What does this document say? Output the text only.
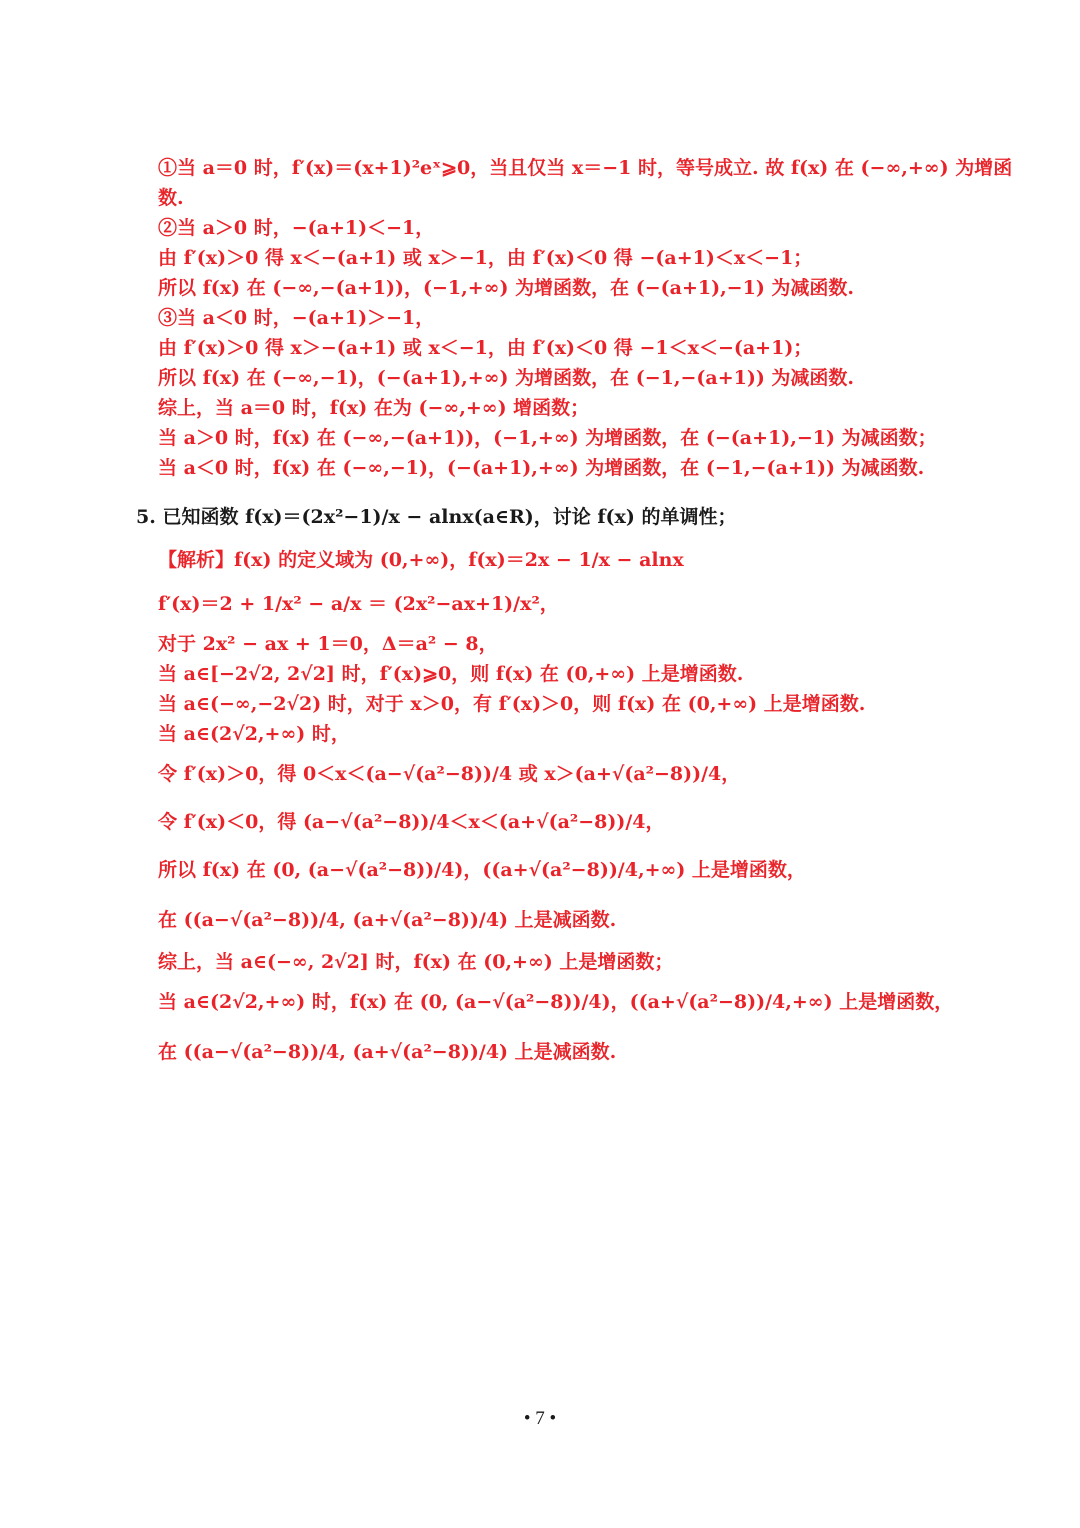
①当 a＝0 时，f′(x)＝(x+1)²eˣ⩾0，当且仅当 x＝−1 时，等号成立. 故 f(x) 在 (−∞,+∞) 为增函
数.
②当 a＞0 时，−(a+1)＜−1，
由 f′(x)＞0 得 x＜−(a+1) 或 x＞−1，由 f′(x)＜0 得 −(a+1)＜x＜−1；
所以 f(x) 在 (−∞,−(a+1))，(−1,+∞) 为增函数，在 (−(a+1),−1) 为减函数.
③当 a＜0 时，−(a+1)＞−1，
由 f′(x)＞0 得 x＞−(a+1) 或 x＜−1，由 f′(x)＜0 得 −1＜x＜−(a+1)；
所以 f(x) 在 (−∞,−1)，(−(a+1),+∞) 为增函数，在 (−1,−(a+1)) 为减函数.
综上，当 a＝0 时，f(x) 在为 (−∞,+∞) 增函数；
当 a＞0 时，f(x) 在 (−∞,−(a+1))，(−1,+∞) 为增函数，在 (−(a+1),−1) 为减函数；
当 a＜0 时，f(x) 在 (−∞,−1)，(−(a+1),+∞) 为增函数，在 (−1,−(a+1)) 为减函数.
5. 已知函数 f(x)＝(2x²−1)/x − alnx(a∈R)，讨论 f(x) 的单调性；
【解析】f(x) 的定义域为 (0,+∞)，f(x)＝2x − 1/x − alnx
f′(x)＝2 + 1/x² − a/x ＝ (2x²−ax+1)/x²，
对于 2x² − ax + 1＝0，Δ＝a² − 8，
当 a∈[−2√2, 2√2] 时，f′(x)⩾0，则 f(x) 在 (0,+∞) 上是增函数.
当 a∈(−∞,−2√2) 时，对于 x＞0，有 f′(x)＞0，则 f(x) 在 (0,+∞) 上是增函数.
当 a∈(2√2,+∞) 时，
令 f′(x)＞0，得 0＜x＜(a−√(a²−8))/4 或 x＞(a+√(a²−8))/4，
令 f′(x)＜0，得 (a−√(a²−8))/4＜x＜(a+√(a²−8))/4，
所以 f(x) 在 (0, (a−√(a²−8))/4)，((a+√(a²−8))/4,+∞) 上是增函数，
在 ((a−√(a²−8))/4, (a+√(a²−8))/4) 上是减函数.
综上，当 a∈(−∞, 2√2] 时，f(x) 在 (0,+∞) 上是增函数；
当 a∈(2√2,+∞) 时，f(x) 在 (0, (a−√(a²−8))/4)，((a+√(a²−8))/4,+∞) 上是增函数，
在 ((a−√(a²−8))/4, (a+√(a²−8))/4) 上是减函数.
• 7 •
